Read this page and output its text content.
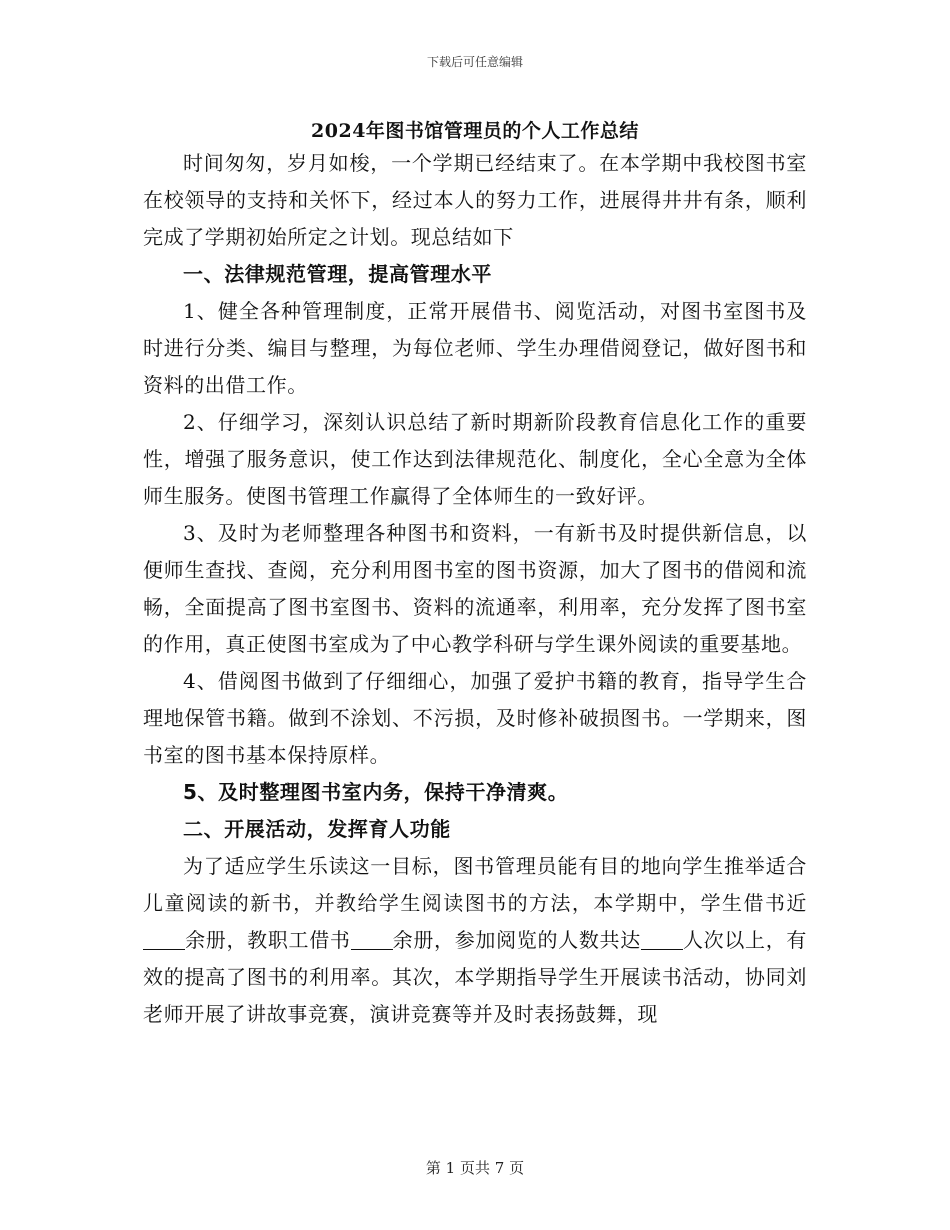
下载后可任意编辑
2024年图书馆管理员的个人工作总结

时间匆匆，岁月如梭，一个学期已经结束了。在本学期中我校图书室在校领导的支持和关怀下，经过本人的努力工作，进展得井井有条，顺利完成了学期初始所定之计划。现总结如下

一、法律规范管理，提高管理水平

1、健全各种管理制度，正常开展借书、阅览活动，对图书室图书及时进行分类、编目与整理，为每位老师、学生办理借阅登记，做好图书和资料的出借工作。

2、仔细学习，深刻认识总结了新时期新阶段教育信息化工作的重要性，增强了服务意识，使工作达到法律规范化、制度化，全心全意为全体师生服务。使图书管理工作赢得了全体师生的一致好评。

3、及时为老师整理各种图书和资料，一有新书及时提供新信息，以便师生查找、查阅，充分利用图书室的图书资源，加大了图书的借阅和流畅，全面提高了图书室图书、资料的流通率，利用率，充分发挥了图书室的作用，真正使图书室成为了中心教学科研与学生课外阅读的重要基地。

4、借阅图书做到了仔细细心，加强了爱护书籍的教育，指导学生合理地保管书籍。做到不涂划、不污损，及时修补破损图书。一学期来，图书室的图书基本保持原样。

5、及时整理图书室内务，保持干净清爽。

二、开展活动，发挥育人功能

为了适应学生乐读这一目标，图书管理员能有目的地向学生推举适合儿童阅读的新书，并教给学生阅读图书的方法，本学期中，学生借书近余册，教职工借书 余册，参加阅览的人数共达 人次以上，有效的提高了图书的利用率。其次，本学期指导学生开展读书活动，协同刘老师开展了讲故事竞赛，演讲竞赛等并及时表扬鼓舞，现

第 1 页共 7 页
